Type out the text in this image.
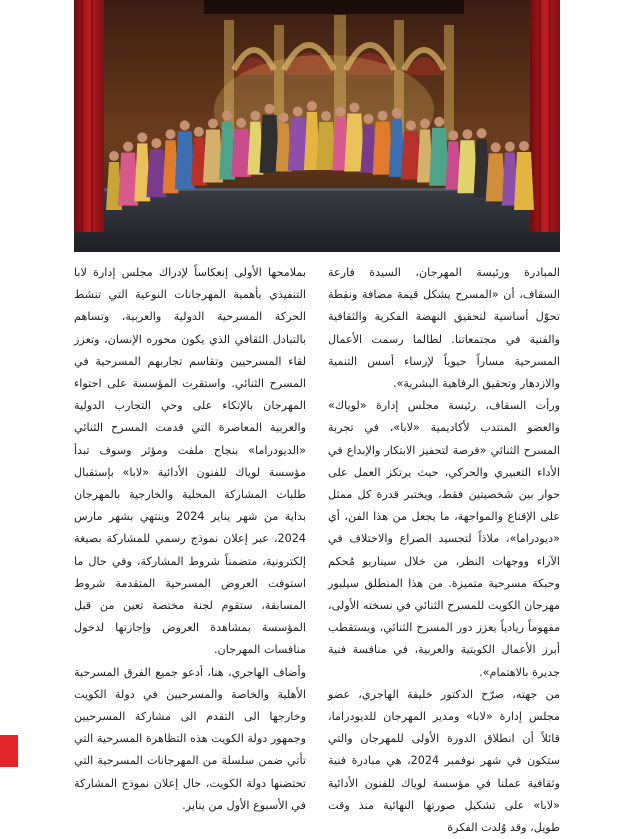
المبادرة ورئيسة المهرجان، السيدة فارعة السقاف، أن «المسرح يشكل قيمة مضافة ونقطة تحوّل أساسية لتحقيق النهضة الفكرية والثقافية والفنية في مجتمعاتنا. لطالما رسمت الأعمال المسرحية مساراً حيوياً لإرساء أسس التنمية والازدهار وتحقيق الرفاهية البشرية».

ورأت السقاف، رئيسة مجلس إدارة «لوياك» والعضو المنتدب لأكاديمية «لابا»، في تجربة المسرح الثنائي «فرصة لتحفيز الابتكار والإبداع في الأداء التعبيري والحركي، حيث يرتكز العمل على حوار بين شخصيتين فقط، ويختبر قدرة كل ممثل على الإقناع والمواجهة، ما يجعل من هذا الفن، أي «ديودراما»، ملاذاً لتجسيد الصراع والاختلاف في الآراء ووجهات النظر، من خلال سيناريو مُحكم وحبكة مسرحية متميزة. من هذا المنطلق سيلبور مهرجان الكويت للمسرح الثنائي في نسخته الأولى، مفهوماً ريادياً يعزز دور المسرح الثنائي، ويستقطب أبرز الأعمال الكويتية والعربية، في منافسة فنية جديرة بالاهتمام».

من جهته، صرّح الدكتور خليفة الهاجري، عضو مجلس إدارة «لابا» ومدير المهرجان للديودراما، قائلاً أن انطلاق الدورة الأولى للمهرجان والتي ستكون في شهر نوفمبر 2024، هي مبادرة فنية وثقافية عملنا في مؤسسة لوياك للفنون الأدائية «لابا» على تشكيل صورتها النهائية منذ وقت طويل، وقد وُلدت الفكرة

بملامحها الأولى إنعكاساً لإدراك مجلس إدارة لابا التنفيذي بأهمية المهرجانات النوعية التي تنشط الحركة المسرحية الدولية والعربية، وتساهم بالتبادل الثقافي الذي يكون محوره الإنسان، وتعزز لقاء المسرحيين وتقاسم تجاربهم المسرحية في المسرح الثنائي. واستقرت المؤسسة على احتواء المهرجان بالإتكاء على وحي التجارب الدولية والعربية المعاصرة التي قدمت المسرح الثنائي «الديودراما» بنجاح ملفت ومؤثر وسوف تبدأ مؤسسة لوياك للفنون الأدائية «لابا» بإستقبال طلبات المشاركة المحلية والخارجية بالمهرجان بداية من شهر يناير 2024 وينتهي بشهر مارس 2024، عبر إعلان نموذج رسمي للمشاركة بصيغة إلكترونية، متضمناً شروط المشاركة، وفي حال ما استوفت العروض المسرحية المتقدمة شروط المسابقة، ستقوم لجنة مختصة تعين من قبل المؤسسة بمشاهدة العروض وإجازتها لدخول منافسات المهرجان.

وأضاف الهاجري، هنا، أدعو جميع الفرق المسرحية الأهلية والخاصة والمسرحيين في دولة الكويت وخارجها الى التقدم الى مشاركة المسرحيين وجمهور دولة الكويت هذه التظاهرة المسرحية التي تأتي ضمن سلسلة من المهرجانات المسرحية التي تحتضنها دولة الكويت، حال إعلان نموذج المشاركة في الأسبوع الأول من يناير.
